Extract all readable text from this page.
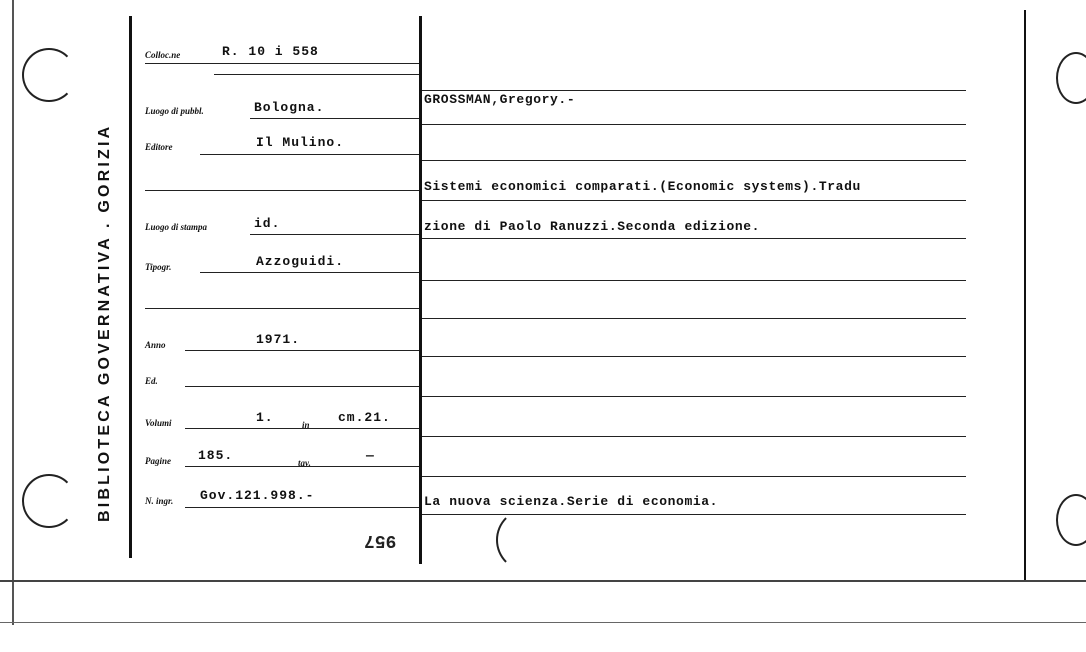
BIBLIOTECA GOVERNATIVA . GORIZIA
Colloc.ne	R. 10 i 558
Luogo di pubbl.	Bologna.
Editore	Il Mulino.
Luogo di stampa	id.
Tipogr.	Azzoguidi.
Anno	1971.
Ed.
Volumi	1.	in cm.21.
Pagine 185.	tav.	—
N. ingr. Gov.121.998.-
957
GROSSMAN,Gregory.-
Sistemi economici comparati.(Economic systems).Tradu
zione di Paolo Ranuzzi.Seconda edizione.
La nuova scienza.Serie di economia.
